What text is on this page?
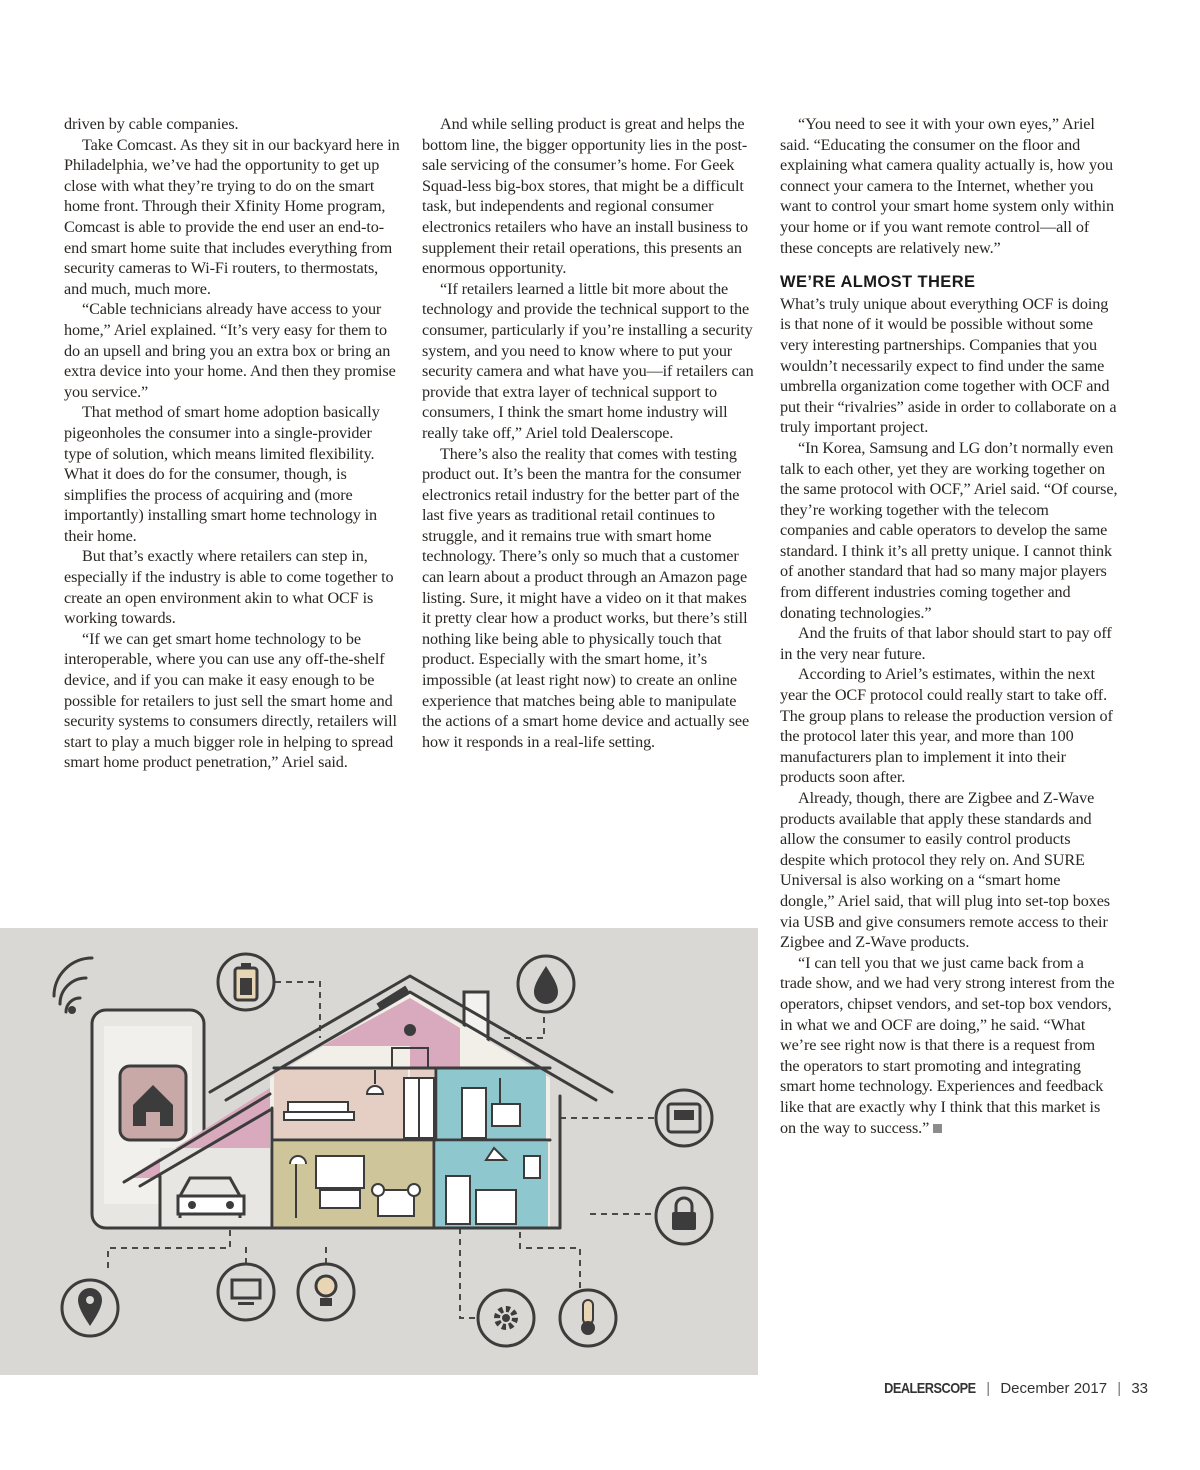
driven by cable companies.

Take Comcast. As they sit in our backyard here in Philadelphia, we’ve had the opportunity to get up close with what they’re trying to do on the smart home front. Through their Xfinity Home program, Comcast is able to provide the end user an end-to-end smart home suite that includes everything from security cameras to Wi-Fi routers, to thermostats, and much, much more.

“Cable technicians already have access to your home,” Ariel explained. “It’s very easy for them to do an upsell and bring you an extra box or bring an extra device into your home. And then they promise you service.”

That method of smart home adoption basically pigeonholes the consumer into a single-provider type of solution, which means limited flexibility. What it does do for the consumer, though, is simplifies the process of acquiring and (more importantly) installing smart home technology in their home.

But that’s exactly where retailers can step in, especially if the industry is able to come together to create an open environment akin to what OCF is working towards.

“If we can get smart home technology to be interoperable, where you can use any off-the-shelf device, and if you can make it easy enough to be possible for retailers to just sell the smart home and security systems to consumers directly, retailers will start to play a much bigger role in helping to spread smart home product penetration,” Ariel said.

And while selling product is great and helps the bottom line, the bigger opportunity lies in the post-sale servicing of the consumer’s home. For Geek Squad-less big-box stores, that might be a difficult task, but independents and regional consumer electronics retailers who have an install business to supplement their retail operations, this presents an enormous opportunity.

“If retailers learned a little bit more about the technology and provide the technical support to the consumer, particularly if you’re installing a security system, and you need to know where to put your security camera and what have you—if retailers can provide that extra layer of technical support to consumers, I think the smart home industry will really take off,” Ariel told Dealerscope.

There’s also the reality that comes with testing product out. It’s been the mantra for the consumer electronics retail industry for the better part of the last five years as traditional retail continues to struggle, and it remains true with smart home technology. There’s only so much that a customer can learn about a product through an Amazon page listing. Sure, it might have a video on it that makes it pretty clear how a product works, but there’s still nothing like being able to physically touch that product. Especially with the smart home, it’s impossible (at least right now) to create an online experience that matches being able to manipulate the actions of a smart home device and actually see how it responds in a real-life setting.

“You need to see it with your own eyes,” Ariel said. “Educating the consumer on the floor and explaining what camera quality actually is, how you connect your camera to the Internet, whether you want to control your smart home system only within your home or if you want remote control—all of these concepts are relatively new.”

WE’RE ALMOST THERE

What’s truly unique about everything OCF is doing is that none of it would be possible without some very interesting partnerships. Companies that you wouldn’t necessarily expect to find under the same umbrella organization come together with OCF and put their “rivalries” aside in order to collaborate on a truly important project.

“In Korea, Samsung and LG don’t normally even talk to each other, yet they are working together on the same protocol with OCF,” Ariel said. “Of course, they’re working together with the telecom companies and cable operators to develop the same standard. I think it’s all pretty unique. I cannot think of another standard that had so many major players from different industries coming together and donating technologies.”

And the fruits of that labor should start to pay off in the very near future.

According to Ariel’s estimates, within the next year the OCF protocol could really start to take off. The group plans to release the production version of the protocol later this year, and more than 100 manufacturers plan to implement it into their products soon after.

Already, though, there are Zigbee and Z-Wave products available that apply these standards and allow the consumer to easily control products despite which protocol they rely on. And SURE Universal is also working on a “smart home dongle,” Ariel said, that will plug into set-top boxes via USB and give consumers remote access to their Zigbee and Z-Wave products.

“I can tell you that we just came back from a trade show, and we had very strong interest from the operators, chipset vendors, and set-top box vendors, in what we and OCF are doing,” he said. “What we’re see right now is that there is a request from the operators to start promoting and integrating smart home technology. Experiences and feedback like that are exactly why I think that this market is on the way to success.”

DEALERSCOPE | December 2017 | 33
